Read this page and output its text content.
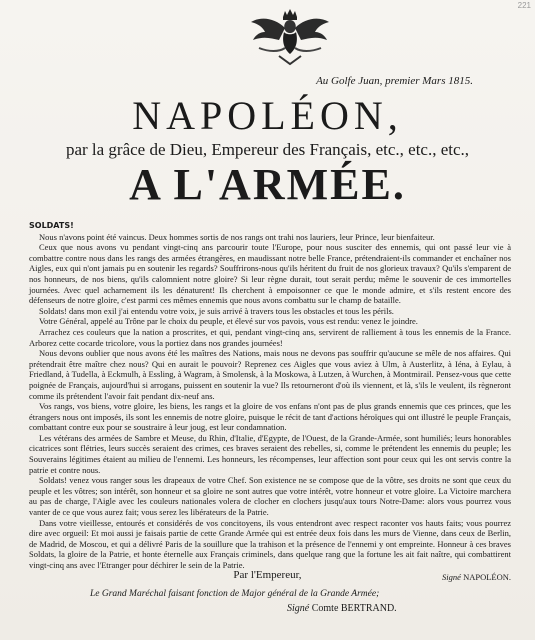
221
Au Golfe Juan, premier Mars 1815.
NAPOLÉON,
par la grâce de Dieu, Empereur des Français, etc., etc., etc.,
A L'ARMÉE.

SOLDATS!

Nous n'avons point été vaincus. Deux hommes sortis de nos rangs ont trahi nos lauriers, leur Prince, leur bienfaiteur.

Ceux que nous avons vu pendant vingt-cinq ans parcourir toute l'Europe, pour nous susciter des ennemis, qui ont passé leur vie à combattre contre nous dans les rangs des armées étrangères, en maudissant notre belle France, prétendraient-ils commander et enchaîner nos Aigles, eux qui n'ont jamais pu en soutenir les regards? Souffrirons-nous qu'ils héritent du fruit de nos glorieux travaux? Qu'ils s'emparent de nos honneurs, de nos biens, qu'ils calomnient notre gloire? Si leur règne durait, tout serait perdu; même le souvenir de ces immortelles journées. Avec quel acharnement ils les dénaturent! Ils cherchent à empoisonner ce que le monde admire, et s'ils restent encore des défenseurs de notre gloire, c'est parmi ces mêmes ennemis que nous avons combattu sur le champ de bataille.

Soldats! dans mon exil j'ai entendu votre voix, je suis arrivé à travers tous les obstacles et tous les périls.

Votre Général, appelé au Trône par le choix du peuple, et élevé sur vos pavois, vous est rendu: venez le joindre.

Arrachez ces couleurs que la nation a proscrites, et qui, pendant vingt-cinq ans, servirent de ralliement à tous les ennemis de la France. Arborez cette cocarde tricolore, vous la portiez dans nos grandes journées!

Nous devons oublier que nous avons été les maîtres des Nations, mais nous ne devons pas souffrir qu'aucune se mêle de nos affaires. Qui prétendrait être maître chez nous? Qui en aurait le pouvoir? Reprenez ces Aigles que vous aviez à Ulm, à Austerlitz, à Iéna, à Eylau, à Friedland, à Tudella, à Eckmulh, à Essling, à Wagram, à Smolensk, à la Moskowa, à Lutzen, à Wurchen, à Montmirail. Pensez-vous que cette poignée de Français, aujourd'hui si arrogans, puissent en soutenir la vue? Ils retourneront d'où ils viennent, et là, s'ils le veulent, ils règneront comme ils prétendent l'avoir fait pendant dix-neuf ans.

Vos rangs, vos biens, votre gloire, les biens, les rangs et la gloire de vos enfans n'ont pas de plus grands ennemis que ces princes, que les étrangers nous ont imposés, ils sont les ennemis de notre gloire, puisque le récit de tant d'actions héroïques qui ont illustré le peuple Français, combattant contre eux pour se soustraire à leur joug, est leur condamnation.

Les vétérans des armées de Sambre et Meuse, du Rhin, d'Italie, d'Egypte, de l'Ouest, de la Grande-Armée, sont humiliés; leurs honorables cicatrices sont flétries, leurs succès seraient des crimes, ces braves seraient des rebelles, si, comme le prétendent les ennemis du peuple; les Souverains légitimes étaient au milieu de l'ennemi. Les honneurs, les récompenses, leur affection sont pour ceux qui les ont servis contre la patrie et contre nous.

Soldats! venez vous ranger sous les drapeaux de votre Chef. Son existence ne se compose que de la vôtre, ses droits ne sont que ceux du peuple et les vôtres; son intérêt, son honneur et sa gloire ne sont autres que votre intérêt, votre honneur et votre gloire. La Victoire marchera au pas de charge, l'Aigle avec les couleurs nationales volera de clocher en clochers jusqu'aux tours Notre-Dame: alors vous pourrez vous vanter de ce que vous aurez fait; vous serez les libérateurs de la Patrie.

Dans votre vieillesse, entourés et considérés de vos concitoyens, ils vous entendront avec respect raconter vos hauts faits; vous pourrez dire avec orgueil: Et moi aussi je faisais partie de cette Grande Armée qui est entrée deux fois dans les murs de Vienne, dans ceux de Berlin, de Madrid, de Moscou, et qui a délivré Paris de la souillure que la trahison et la présence de l'ennemi y ont empreinte. Honneur à ces braves Soldats, la gloire de la Patrie, et honte éternelle aux Français criminels, dans quelque rang que la fortune les ait fait naître, qui combattirent vingt-cinq ans avec l'Etranger pour déchirer le sein de la Patrie.

Signé NAPOLÉON.

Par l'Empereur,
Le Grand Maréchal faisant fonction de Major général de la Grande Armée;
Signé Comte BERTRAND.
